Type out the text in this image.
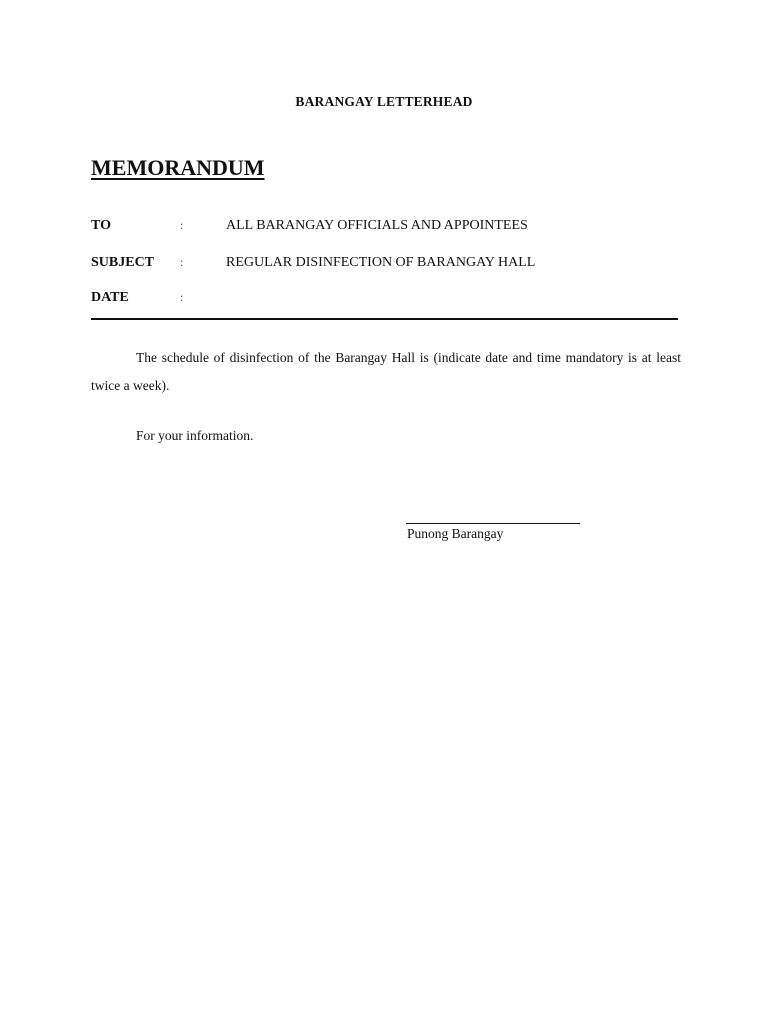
BARANGAY LETTERHEAD
MEMORANDUM
TO	:	ALL BARANGAY OFFICIALS AND APPOINTEES
SUBJECT :	REGULAR DISINFECTION OF BARANGAY HALL
DATE	:

The schedule of disinfection of the Barangay Hall is (indicate date and time mandatory is at least twice a week).

For your information.
Punong Barangay
